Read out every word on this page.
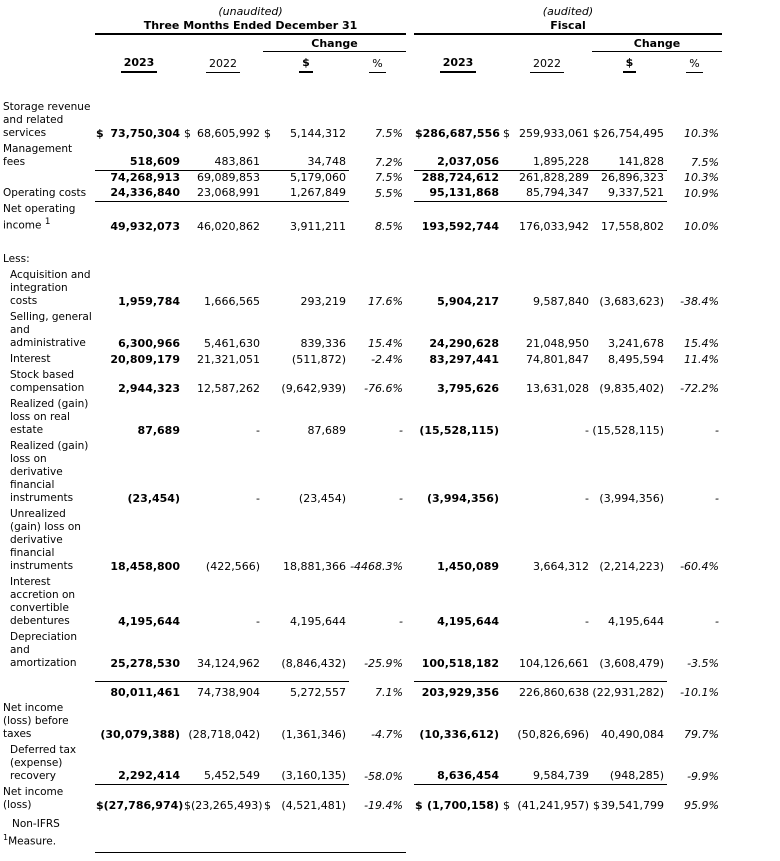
(unaudited)	(audited)
Three Months Ended December 31	Fiscal
Change	Change
2023	2022	$	%	2023	2022	$	%
Storage revenue and related services	$ 73,750,304 $ 68,605,992 $ 5,144,312	7.5% $ 286,687,556 $ 259,933,061 $ 26,754,495 10.3%
Management fees	518,609	483,861	34,748	7.2%	2,037,056	1,895,228	141,828 7.5%
74,268,913 69,089,853	5,179,060	7.5% 288,724,612 261,828,289 26,896,323 10.3%
Operating costs	24,336,840 23,068,991	1,267,849	5.5% 95,131,868 85,794,347 9,337,521 10.9%
Net operating income $^1$	49,932,073 46,020,862	3,911,211	8.5% 193,592,744 176,033,942 17,558,802 10.0%
Less:
Acquisition and integration costs	1,959,784 1,666,565	293,219 17.6%	5,904,217	9,587,840 (3,683,623) -38.4%
Selling, general and administrative	6,300,966 5,461,630	839,336 15.4% 24,290,628 21,048,950 3,241,678 15.4%
Interest	20,809,179 21,321,051	(511,872) -2.4% 83,297,441 74,801,847 8,495,594 11.4%
Stock based compensation	2,944,323 12,587,262 (9,642,939) -76.6%	3,795,626 13,631,028 (9,835,402) -72.2%
Realized (gain) loss on real estate	87,689	-	87,689	- (15,528,115)	- (15,528,115)	-
Realized (gain) loss on derivative financial instruments	(23,454)	-	(23,454)	- (3,994,356)	- (3,994,356)	-
Unrealized (gain) loss on derivative financial instruments	18,458,800 (422,566) 18,881,366 -4468.3%	1,450,089	3,664,312 (2,214,223) -60.4%
Interest accretion on convertible debentures	4,195,644	-	4,195,644	-	4,195,644	- 4,195,644	-
Depreciation and amortization	25,278,530 34,124,962 (8,846,432) -25.9% 100,518,182 104,126,661 (3,608,479) -3.5%
80,011,461 74,738,904	5,272,557	7.1% 203,929,356 226,860,638 (22,931,282) -10.1%
Net income (loss) before taxes	(30,079,388) (28,718,042) (1,361,346) -4.7% (10,336,612) (50,826,696) 40,490,084 79.7%
Deferred tax (expense) recovery	2,292,414 5,452,549 (3,160,135) -58.0%	8,636,454	9,584,739 (948,285) -9.9%
Net income (loss)	$ (27,786,974) $ (23,265,493) $ (4,521,481) -19.4% $ (1,700,158) $ (41,241,957) $ 39,541,799 95.9%
Non-IFRS
$^1$Measure.
